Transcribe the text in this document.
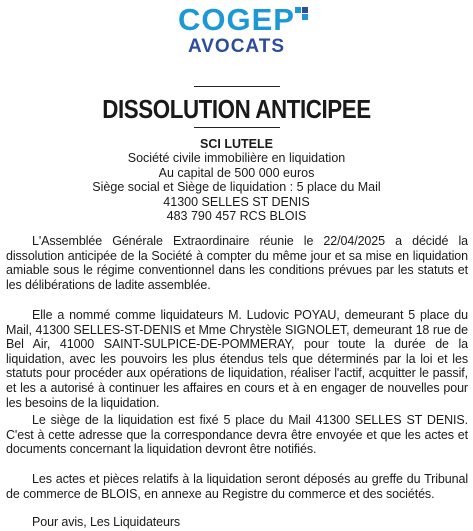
COGEP
AVOCATS
DISSOLUTION ANTICIPEE
SCI LUTELE
Société civile immobilière en liquidation
Au capital de 500 000 euros
Siège social et Siège de liquidation : 5 place du Mail
41300 SELLES ST DENIS
483 790 457 RCS BLOIS

L'Assemblée Générale Extraordinaire réunie le 22/04/2025 a décidé la dissolution anticipée de la Société à compter du même jour et sa mise en liquidation amiable sous le régime conventionnel dans les conditions prévues par les statuts et les délibérations de ladite assemblée.

Elle a nommé comme liquidateurs M. Ludovic POYAU, demeurant 5 place du Mail, 41300 SELLES-ST-DENIS et Mme Chrystèle SIGNOLET, demeurant 18 rue de Bel Air, 41000 SAINT-SULPICE-DE-POMMERAY, pour toute la durée de la liquidation, avec les pouvoirs les plus étendus tels que déterminés par la loi et les statuts pour procéder aux opérations de liquidation, réaliser l'actif, acquitter le passif, et les a autorisé à continuer les affaires en cours et à en engager de nouvelles pour les besoins de la liquidation.

Le siège de la liquidation est fixé 5 place du Mail 41300 SELLES ST DENIS. C'est à cette adresse que la correspondance devra être envoyée et que les actes et documents concernant la liquidation devront être notifiés.

Les actes et pièces relatifs à la liquidation seront déposés au greffe du Tribunal de commerce de BLOIS, en annexe au Registre du commerce et des sociétés.

Pour avis, Les Liquidateurs
